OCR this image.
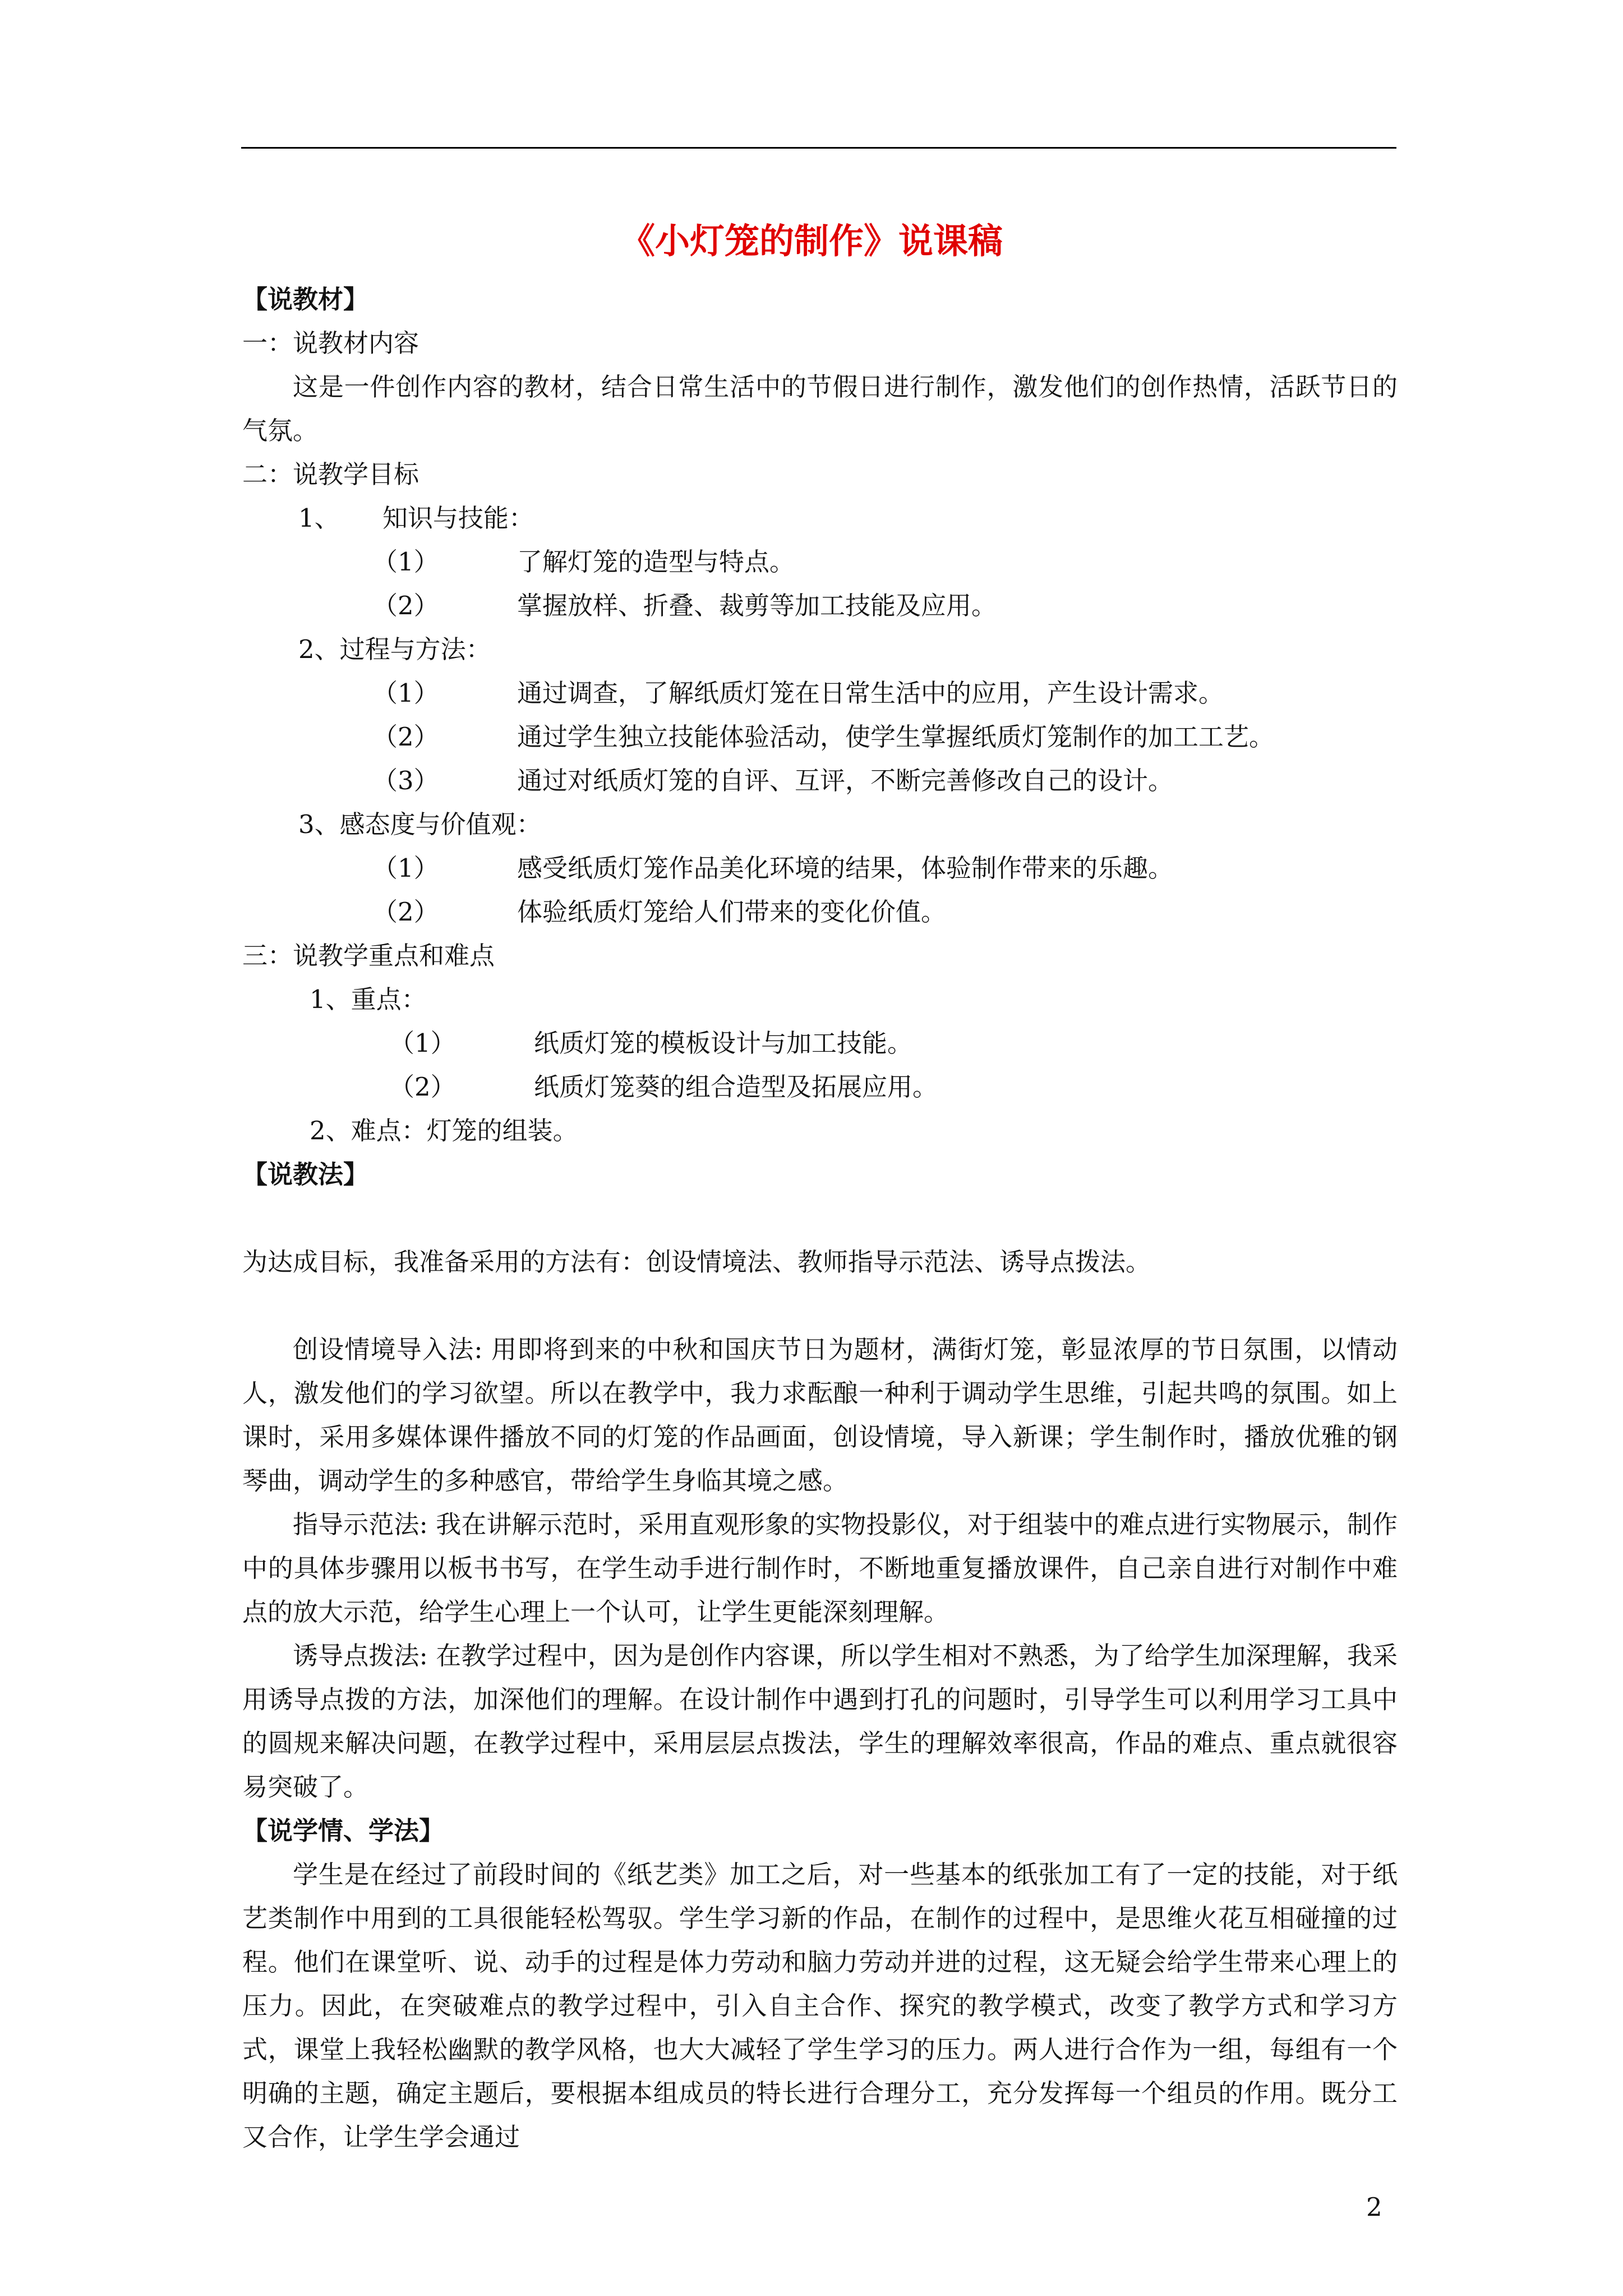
《小灯笼的制作》说课稿
【说教材】
一：说教材内容

这是一件创作内容的教材，结合日常生活中的节假日进行制作，激发他们的创作热情，活跃节日的气氛。

二：说教学目标
1、 知识与技能：
（1）	了解灯笼的造型与特点。
（2）	掌握放样、折叠、裁剪等加工技能及应用。
2、过程与方法：
（1）	通过调查，了解纸质灯笼在日常生活中的应用，产生设计需求。
（2）	通过学生独立技能体验活动，使学生掌握纸质灯笼制作的加工工艺。
（3）	通过对纸质灯笼的自评、互评，不断完善修改自己的设计。
3、感态度与价值观：
（1）	感受纸质灯笼作品美化环境的结果，体验制作带来的乐趣。
（2）	体验纸质灯笼给人们带来的变化价值。
三：说教学重点和难点
1、重点：
（1）	纸质灯笼的模板设计与加工技能。
（2）	纸质灯笼葵的组合造型及拓展应用。
2、难点：灯笼的组装。
【说教法】

为达成目标，我准备采用的方法有：创设情境法、教师指导示范法、诱导点拨法。

创设情境导入法: 用即将到来的中秋和国庆节日为题材，满街灯笼，彰显浓厚的节日氛围，以情动人，激发他们的学习欲望。所以在教学中，我力求酝酿一种利于调动学生思维，引起共鸣的氛围。如上课时，采用多媒体课件播放不同的灯笼的作品画面，创设情境，导入新课；学生制作时，播放优雅的钢琴曲，调动学生的多种感官，带给学生身临其境之感。

指导示范法: 我在讲解示范时，采用直观形象的实物投影仪，对于组装中的难点进行实物展示，制作中的具体步骤用以板书书写，在学生动手进行制作时，不断地重复播放课件，自己亲自进行对制作中难点的放大示范，给学生心理上一个认可，让学生更能深刻理解。

诱导点拨法: 在教学过程中，因为是创作内容课，所以学生相对不熟悉，为了给学生加深理解，我采用诱导点拨的方法，加深他们的理解。在设计制作中遇到打孔的问题时，引导学生可以利用学习工具中的圆规来解决问题，在教学过程中，采用层层点拨法，学生的理解效率很高，作品的难点、重点就很容易突破了。

【说学情、学法】

学生是在经过了前段时间的《纸艺类》加工之后，对一些基本的纸张加工有了一定的技能，对于纸艺类制作中用到的工具很能轻松驾驭。学生学习新的作品，在制作的过程中，是思维火花互相碰撞的过程。他们在课堂听、说、动手的过程是体力劳动和脑力劳动并进的过程，这无疑会给学生带来心理上的压力。因此，在突破难点的教学过程中，引入自主合作、探究的教学模式，改变了教学方式和学习方式，课堂上我轻松幽默的教学风格，也大大减轻了学生学习的压力。两人进行合作为一组，每组有一个明确的主题，确定主题后，要根据本组成员的特长进行合理分工，充分发挥每一个组员的作用。既分工又合作，让学生学会通过

2
